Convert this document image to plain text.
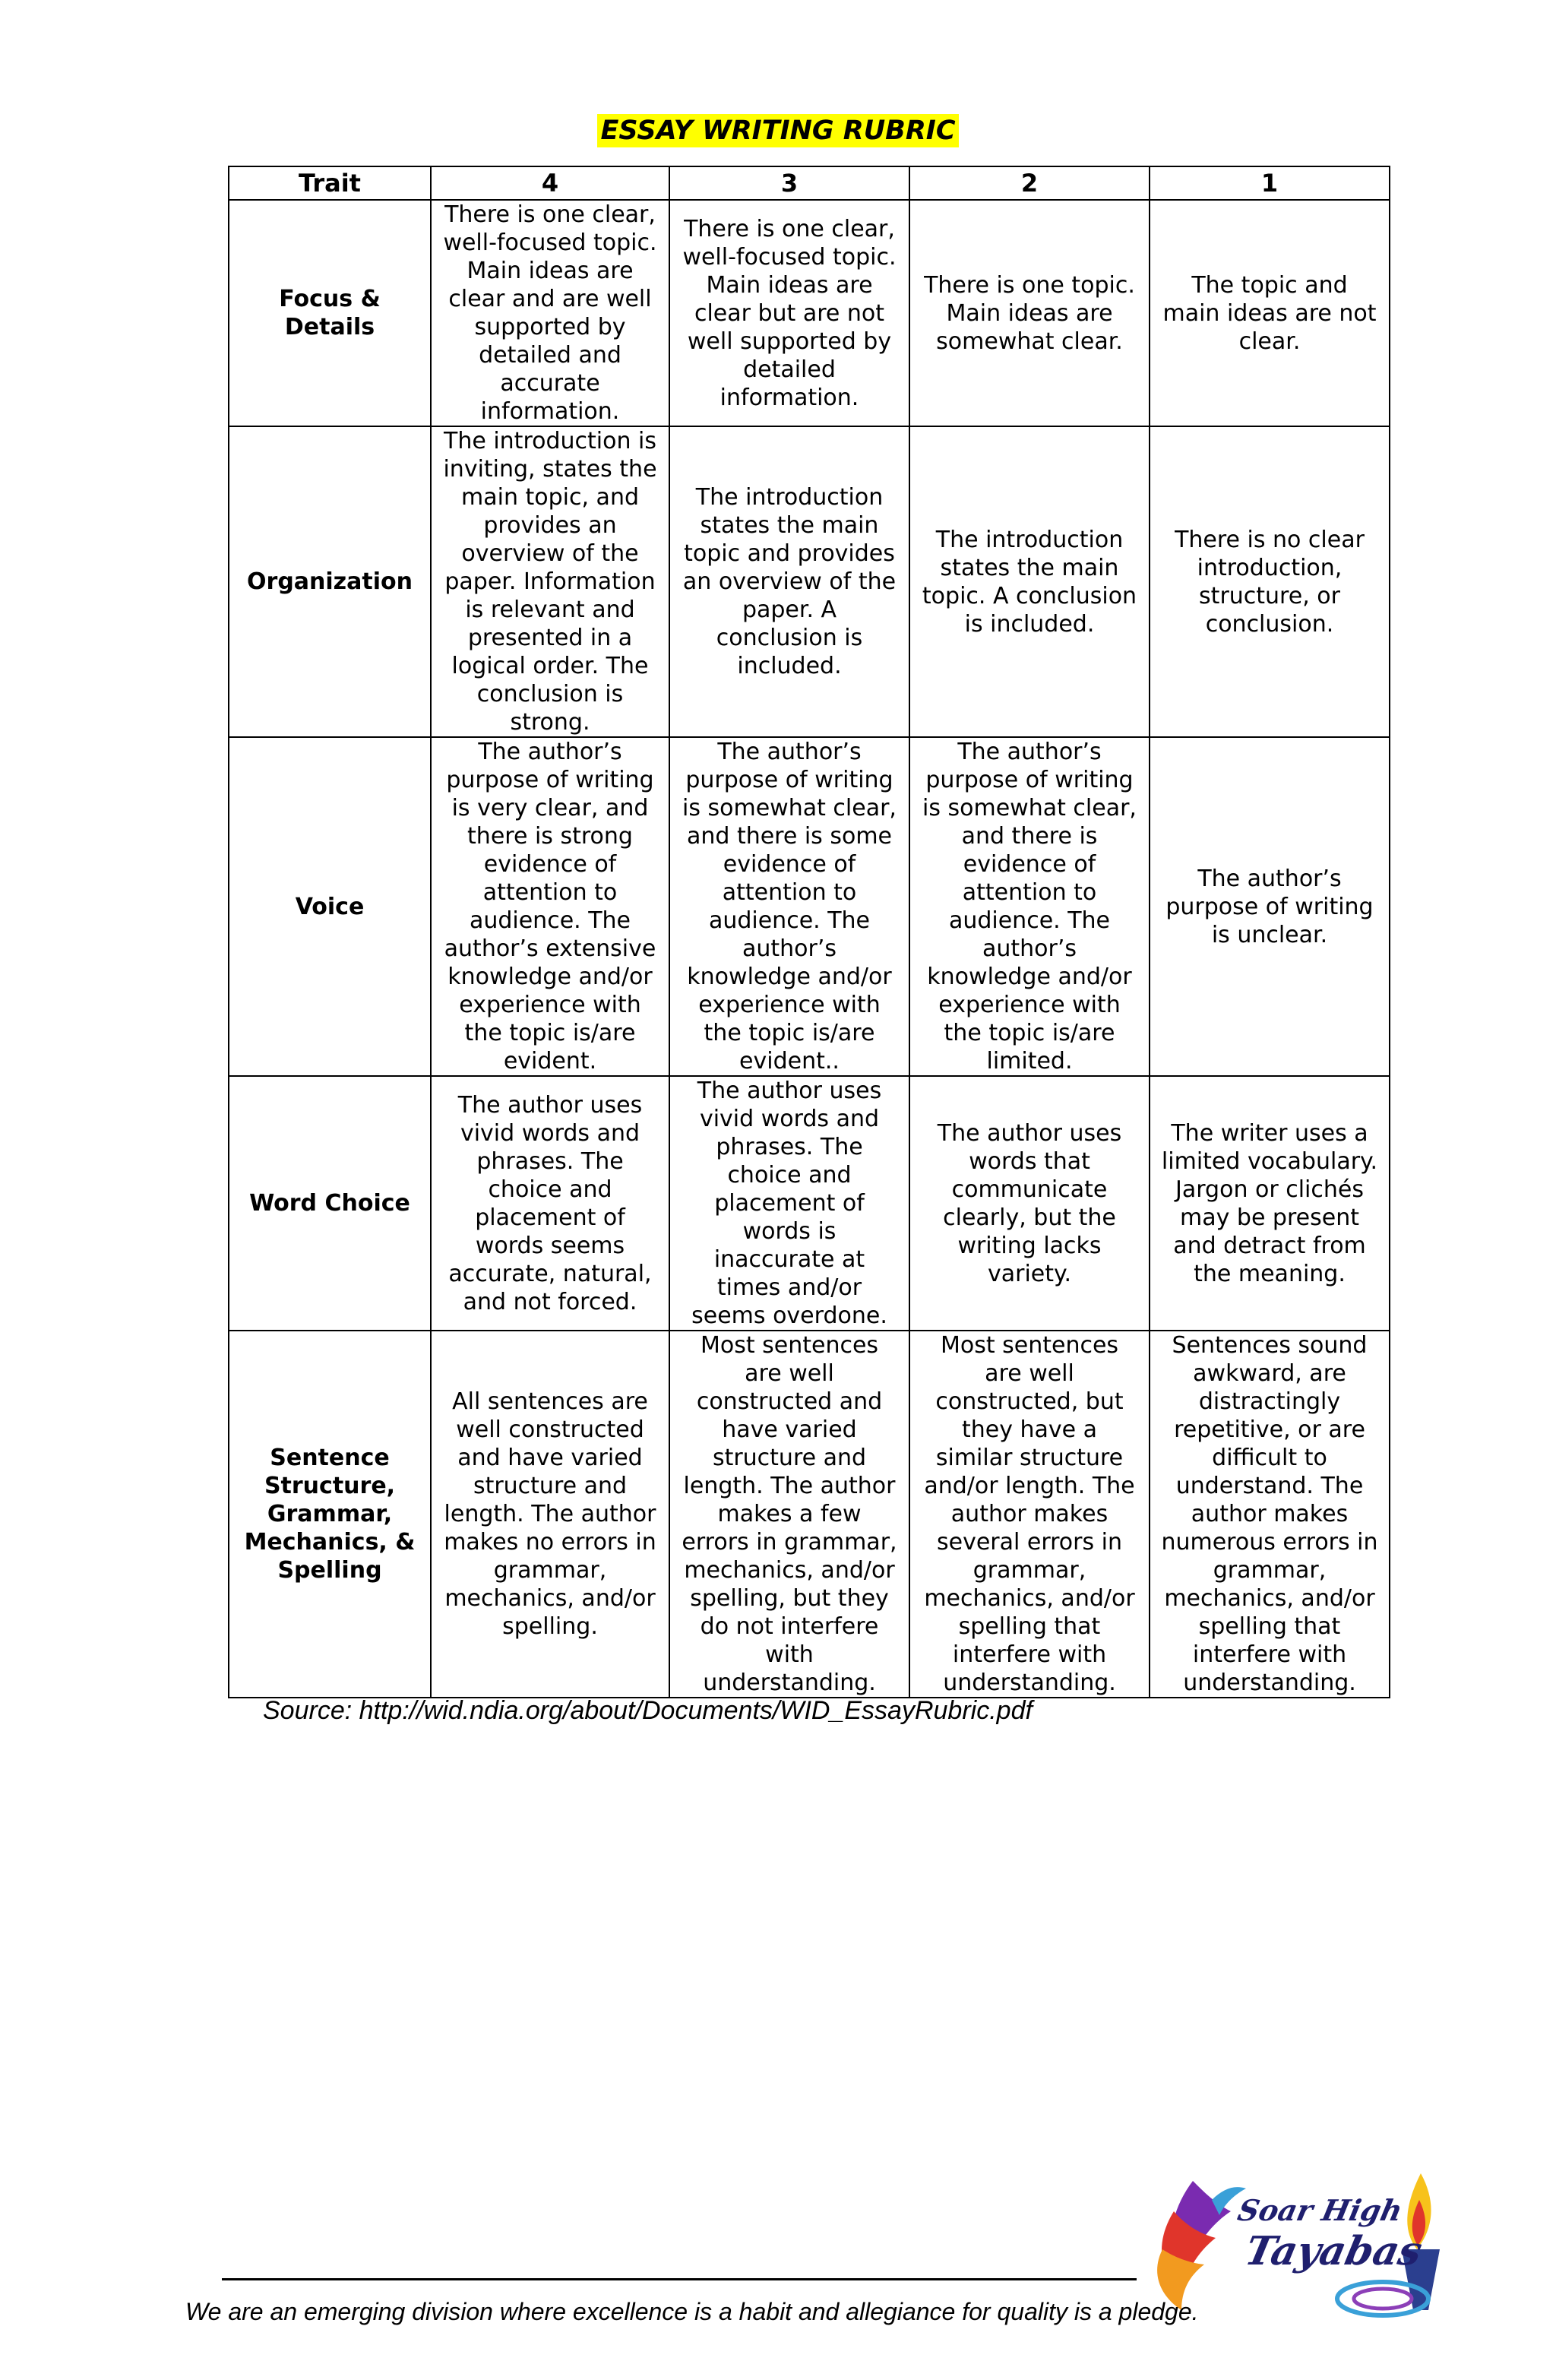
ESSAY WRITING RUBRIC
Trait	4	3	2	1
Focus & Details	There is one clear, well-focused topic. Main ideas are clear and are well supported by detailed and accurate information.	There is one clear, well-focused topic. Main ideas are clear but are not well supported by detailed information.	There is one topic. Main ideas are somewhat clear.	The topic and main ideas are not clear.
Organization	The introduction is inviting, states the main topic, and provides an overview of the paper. Information is relevant and presented in a logical order. The conclusion is strong.	The introduction states the main topic and provides an overview of the paper. A conclusion is included.	The introduction states the main topic. A conclusion is included.	There is no clear introduction, structure, or conclusion.
Voice	The author’s purpose of writing is very clear, and there is strong evidence of attention to audience. The author’s extensive knowledge and/or experience with the topic is/are evident.	The author’s purpose of writing is somewhat clear, and there is some evidence of attention to audience. The author’s knowledge and/or experience with the topic is/are evident..	The author’s purpose of writing is somewhat clear, and there is evidence of attention to audience. The author’s knowledge and/or experience with the topic is/are limited.	The author’s purpose of writing is unclear.
Word Choice	The author uses vivid words and phrases. The choice and placement of words seems accurate, natural, and not forced.	The author uses vivid words and phrases. The choice and placement of words is inaccurate at times and/or seems overdone.	The author uses words that communicate clearly, but the writing lacks variety.	The writer uses a limited vocabulary. Jargon or clichés may be present and detract from the meaning.
Sentence Structure, Grammar, Mechanics, & Spelling	All sentences are well constructed and have varied structure and length. The author makes no errors in grammar, mechanics, and/or spelling.	Most sentences are well constructed and have varied structure and length. The author makes a few errors in grammar, mechanics, and/or spelling, but they do not interfere with understanding.	Most sentences are well constructed, but they have a similar structure and/or length. The author makes several errors in grammar, mechanics, and/or spelling that interfere with understanding.	Sentences sound awkward, are distractingly repetitive, or are difficult to understand. The author makes numerous errors in grammar, mechanics, and/or spelling that interfere with understanding.
Source: http://wid.ndia.org/about/Documents/WID_EssayRubric.pdf
Soar High
Tayabas
We are an emerging division where excellence is a habit and allegiance for quality is a pledge.
